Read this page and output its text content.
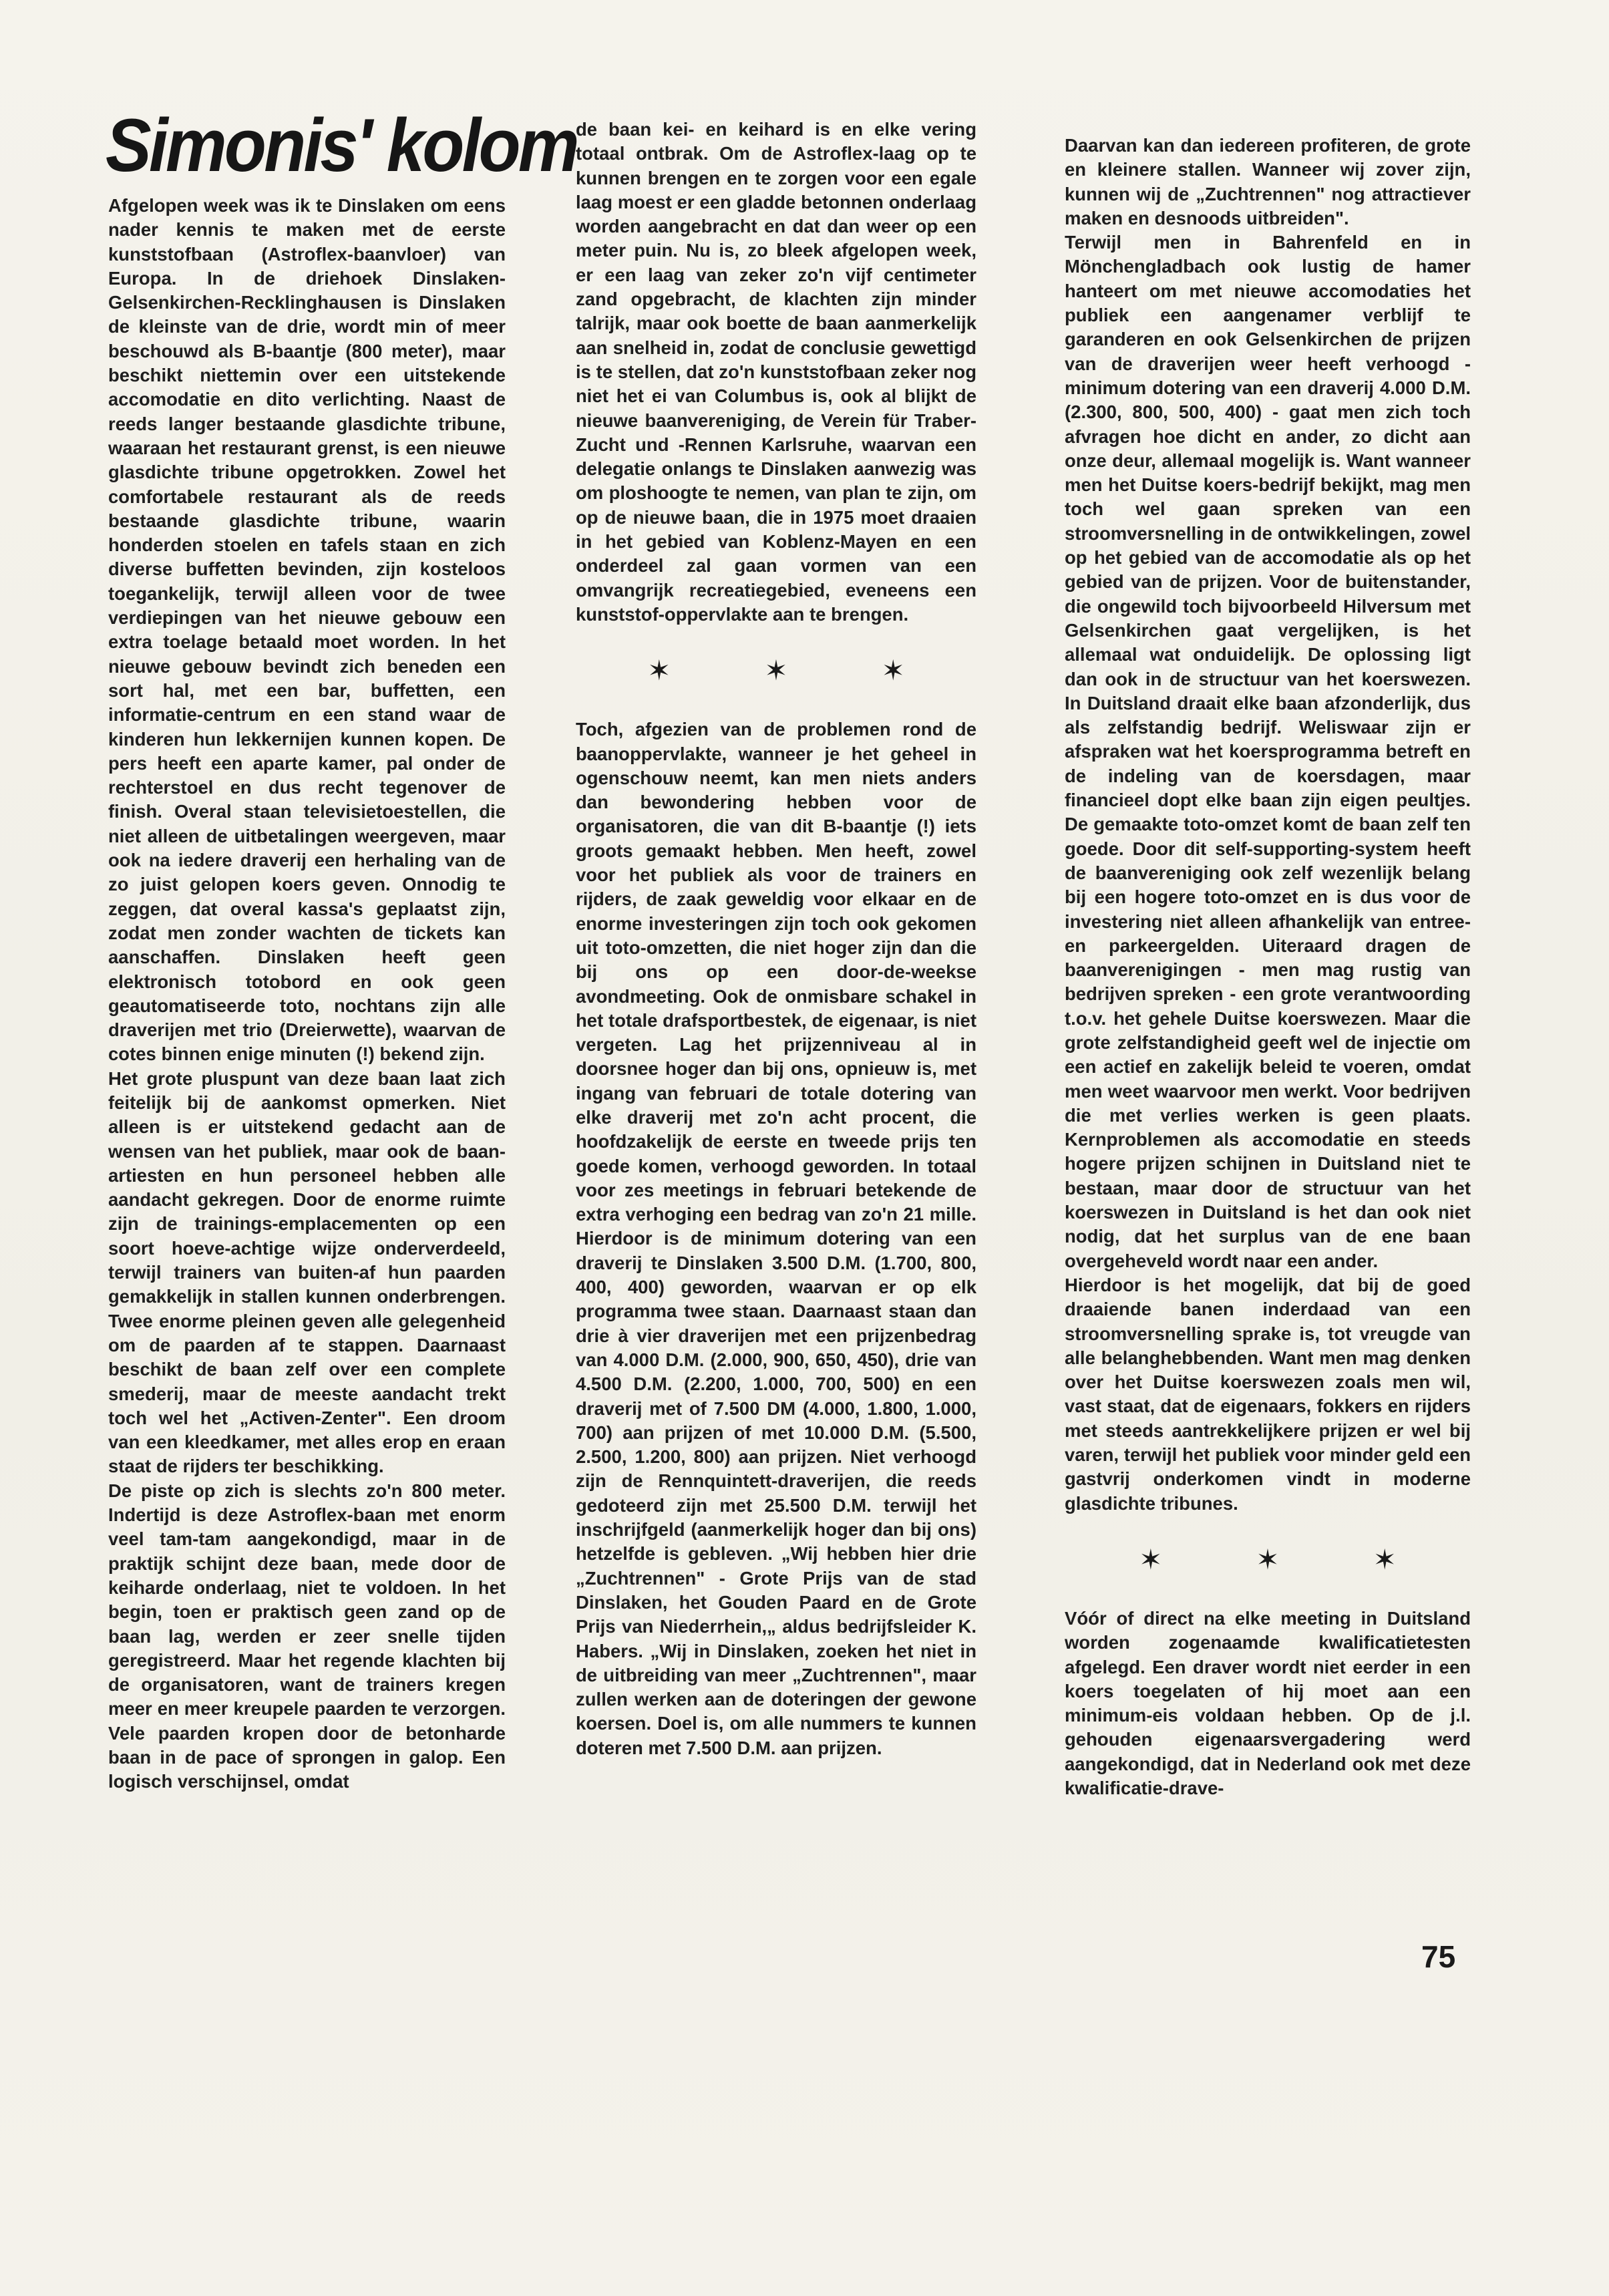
Simonis' kolom

Afgelopen week was ik te Dinslaken om eens nader kennis te maken met de eerste kunststofbaan (Astroflex-baanvloer) van Europa. In de driehoek Dinslaken-Gelsenkirchen-Recklinghausen is Dinslaken de kleinste van de drie, wordt min of meer beschouwd als B-baantje (800 meter), maar beschikt niettemin over een uitstekende accomodatie en dito verlichting. Naast de reeds langer bestaande glasdichte tribune, waaraan het restaurant grenst, is een nieuwe glasdichte tribune opgetrokken. Zowel het comfortabele restaurant als de reeds bestaande glasdichte tribune, waarin honderden stoelen en tafels staan en zich diverse buffetten bevinden, zijn kosteloos toegankelijk, terwijl alleen voor de twee verdiepingen van het nieuwe gebouw een extra toelage betaald moet worden. In het nieuwe gebouw bevindt zich beneden een sort hal, met een bar, buffetten, een informatie-centrum en een stand waar de kinderen hun lekkernijen kunnen kopen. De pers heeft een aparte kamer, pal onder de rechterstoel en dus recht tegenover de finish. Overal staan televisietoestellen, die niet alleen de uitbetalingen weergeven, maar ook na iedere draverij een herhaling van de zo juist gelopen koers geven. Onnodig te zeggen, dat overal kassa's geplaatst zijn, zodat men zonder wachten de tickets kan aanschaffen. Dinslaken heeft geen elektronisch totobord en ook geen geautomatiseerde toto, nochtans zijn alle draverijen met trio (Dreierwette), waarvan de cotes binnen enige minuten (!) bekend zijn.

Het grote pluspunt van deze baan laat zich feitelijk bij de aankomst opmerken. Niet alleen is er uitstekend gedacht aan de wensen van het publiek, maar ook de baan-artiesten en hun personeel hebben alle aandacht gekregen. Door de enorme ruimte zijn de trainings-emplacementen op een soort hoeve-achtige wijze onderverdeeld, terwijl trainers van buiten-af hun paarden gemakkelijk in stallen kunnen onderbrengen. Twee enorme pleinen geven alle gelegenheid om de paarden af te stappen. Daarnaast beschikt de baan zelf over een complete smederij, maar de meeste aandacht trekt toch wel het „Activen-Zenter". Een droom van een kleedkamer, met alles erop en eraan staat de rijders ter beschikking.

De piste op zich is slechts zo'n 800 meter. Indertijd is deze Astroflex-baan met enorm veel tam-tam aangekondigd, maar in de praktijk schijnt deze baan, mede door de keiharde onderlaag, niet te voldoen. In het begin, toen er praktisch geen zand op de baan lag, werden er zeer snelle tijden geregistreerd. Maar het regende klachten bij de organisatoren, want de trainers kregen meer en meer kreupele paarden te verzorgen. Vele paarden kropen door de betonharde baan in de pace of sprongen in galop. Een logisch verschijnsel, omdat

de baan kei- en keihard is en elke vering totaal ontbrak. Om de Astroflex-laag op te kunnen brengen en te zorgen voor een egale laag moest er een gladde betonnen onderlaag worden aangebracht en dat dan weer op een meter puin. Nu is, zo bleek afgelopen week, er een laag van zeker zo'n vijf centimeter zand opgebracht, de klachten zijn minder talrijk, maar ook boette de baan aanmerkelijk aan snelheid in, zodat de conclusie gewettigd is te stellen, dat zo'n kunststofbaan zeker nog niet het ei van Columbus is, ook al blijkt de nieuwe baanvereniging, de Verein für Traber- Zucht und -Rennen Karlsruhe, waarvan een delegatie onlangs te Dinslaken aanwezig was om ploshoogte te nemen, van plan te zijn, om op de nieuwe baan, die in 1975 moet draaien in het gebied van Koblenz-Mayen en een onderdeel zal gaan vormen van een omvangrijk recreatiegebied, eveneens een kunststof-oppervlakte aan te brengen.

✶	✶	✶

Toch, afgezien van de problemen rond de baanoppervlakte, wanneer je het geheel in ogenschouw neemt, kan men niets anders dan bewondering hebben voor de organisatoren, die van dit B-baantje (!) iets groots gemaakt hebben. Men heeft, zowel voor het publiek als voor de trainers en rijders, de zaak geweldig voor elkaar en de enorme investeringen zijn toch ook gekomen uit toto-omzetten, die niet hoger zijn dan die bij ons op een door-de-weekse avondmeeting. Ook de onmisbare schakel in het totale drafsportbestek, de eigenaar, is niet vergeten. Lag het prijzenniveau al in doorsnee hoger dan bij ons, opnieuw is, met ingang van februari de totale dotering van elke draverij met zo'n acht procent, die hoofdzakelijk de eerste en tweede prijs ten goede komen, verhoogd geworden. In totaal voor zes meetings in februari betekende de extra verhoging een bedrag van zo'n 21 mille. Hierdoor is de minimum dotering van een draverij te Dinslaken 3.500 D.M. (1.700, 800, 400, 400) geworden, waarvan er op elk programma twee staan. Daarnaast staan dan drie à vier draverijen met een prijzenbedrag van 4.000 D.M. (2.000, 900, 650, 450), drie van 4.500 D.M. (2.200, 1.000, 700, 500) en een draverij met of 7.500 DM (4.000, 1.800, 1.000, 700) aan prijzen of met 10.000 D.M. (5.500, 2.500, 1.200, 800) aan prijzen. Niet verhoogd zijn de Rennquintett-draverijen, die reeds gedoteerd zijn met 25.500 D.M. terwijl het inschrijfgeld (aanmerkelijk hoger dan bij ons) hetzelfde is gebleven. „Wij hebben hier drie „Zuchtrennen" - Grote Prijs van de stad Dinslaken, het Gouden Paard en de Grote Prijs van Niederrhein,„ aldus bedrijfsleider K. Habers. „Wij in Dinslaken, zoeken het niet in de uitbreiding van meer „Zuchtrennen", maar zullen werken aan de doteringen der gewone koersen. Doel is, om alle nummers te kunnen doteren met 7.500 D.M. aan prijzen.

Daarvan kan dan iedereen profiteren, de grote en kleinere stallen. Wanneer wij zover zijn, kunnen wij de „Zuchtrennen" nog attractiever maken en desnoods uitbreiden".

Terwijl men in Bahrenfeld en in Mönchengladbach ook lustig de hamer hanteert om met nieuwe accomodaties het publiek een aangenamer verblijf te garanderen en ook Gelsenkirchen de prijzen van de draverijen weer heeft verhoogd - minimum dotering van een draverij 4.000 D.M. (2.300, 800, 500, 400) - gaat men zich toch afvragen hoe dicht en ander, zo dicht aan onze deur, allemaal mogelijk is. Want wanneer men het Duitse koers-bedrijf bekijkt, mag men toch wel gaan spreken van een stroomversnelling in de ontwikkelingen, zowel op het gebied van de accomodatie als op het gebied van de prijzen. Voor de buitenstander, die ongewild toch bijvoorbeeld Hilversum met Gelsenkirchen gaat vergelijken, is het allemaal wat onduidelijk. De oplossing ligt dan ook in de structuur van het koerswezen. In Duitsland draait elke baan afzonderlijk, dus als zelfstandig bedrijf. Weliswaar zijn er afspraken wat het koersprogramma betreft en de indeling van de koersdagen, maar financieel dopt elke baan zijn eigen peultjes. De gemaakte toto-omzet komt de baan zelf ten goede. Door dit self-supporting-system heeft de baanvereniging ook zelf wezenlijk belang bij een hogere toto-omzet en is dus voor de investering niet alleen afhankelijk van entree- en parkeergelden. Uiteraard dragen de baanverenigingen - men mag rustig van bedrijven spreken - een grote verantwoording t.o.v. het gehele Duitse koerswezen. Maar die grote zelfstandigheid geeft wel de injectie om een actief en zakelijk beleid te voeren, omdat men weet waarvoor men werkt. Voor bedrijven die met verlies werken is geen plaats. Kernproblemen als accomodatie en steeds hogere prijzen schijnen in Duitsland niet te bestaan, maar door de structuur van het koerswezen in Duitsland is het dan ook niet nodig, dat het surplus van de ene baan overgeheveld wordt naar een ander.

Hierdoor is het mogelijk, dat bij de goed draaiende banen inderdaad van een stroomversnelling sprake is, tot vreugde van alle belanghebbenden. Want men mag denken over het Duitse koerswezen zoals men wil, vast staat, dat de eigenaars, fokkers en rijders met steeds aantrekkelijkere prijzen er wel bij varen, terwijl het publiek voor minder geld een gastvrij onderkomen vindt in moderne glasdichte tribunes.

✶	✶	✶

Vóór of direct na elke meeting in Duitsland worden zogenaamde kwalificatietesten afgelegd. Een draver wordt niet eerder in een koers toegelaten of hij moet aan een minimum-eis voldaan hebben. Op de j.l. gehouden eigenaarsvergadering werd aangekondigd, dat in Nederland ook met deze kwalificatie-drave-

75
